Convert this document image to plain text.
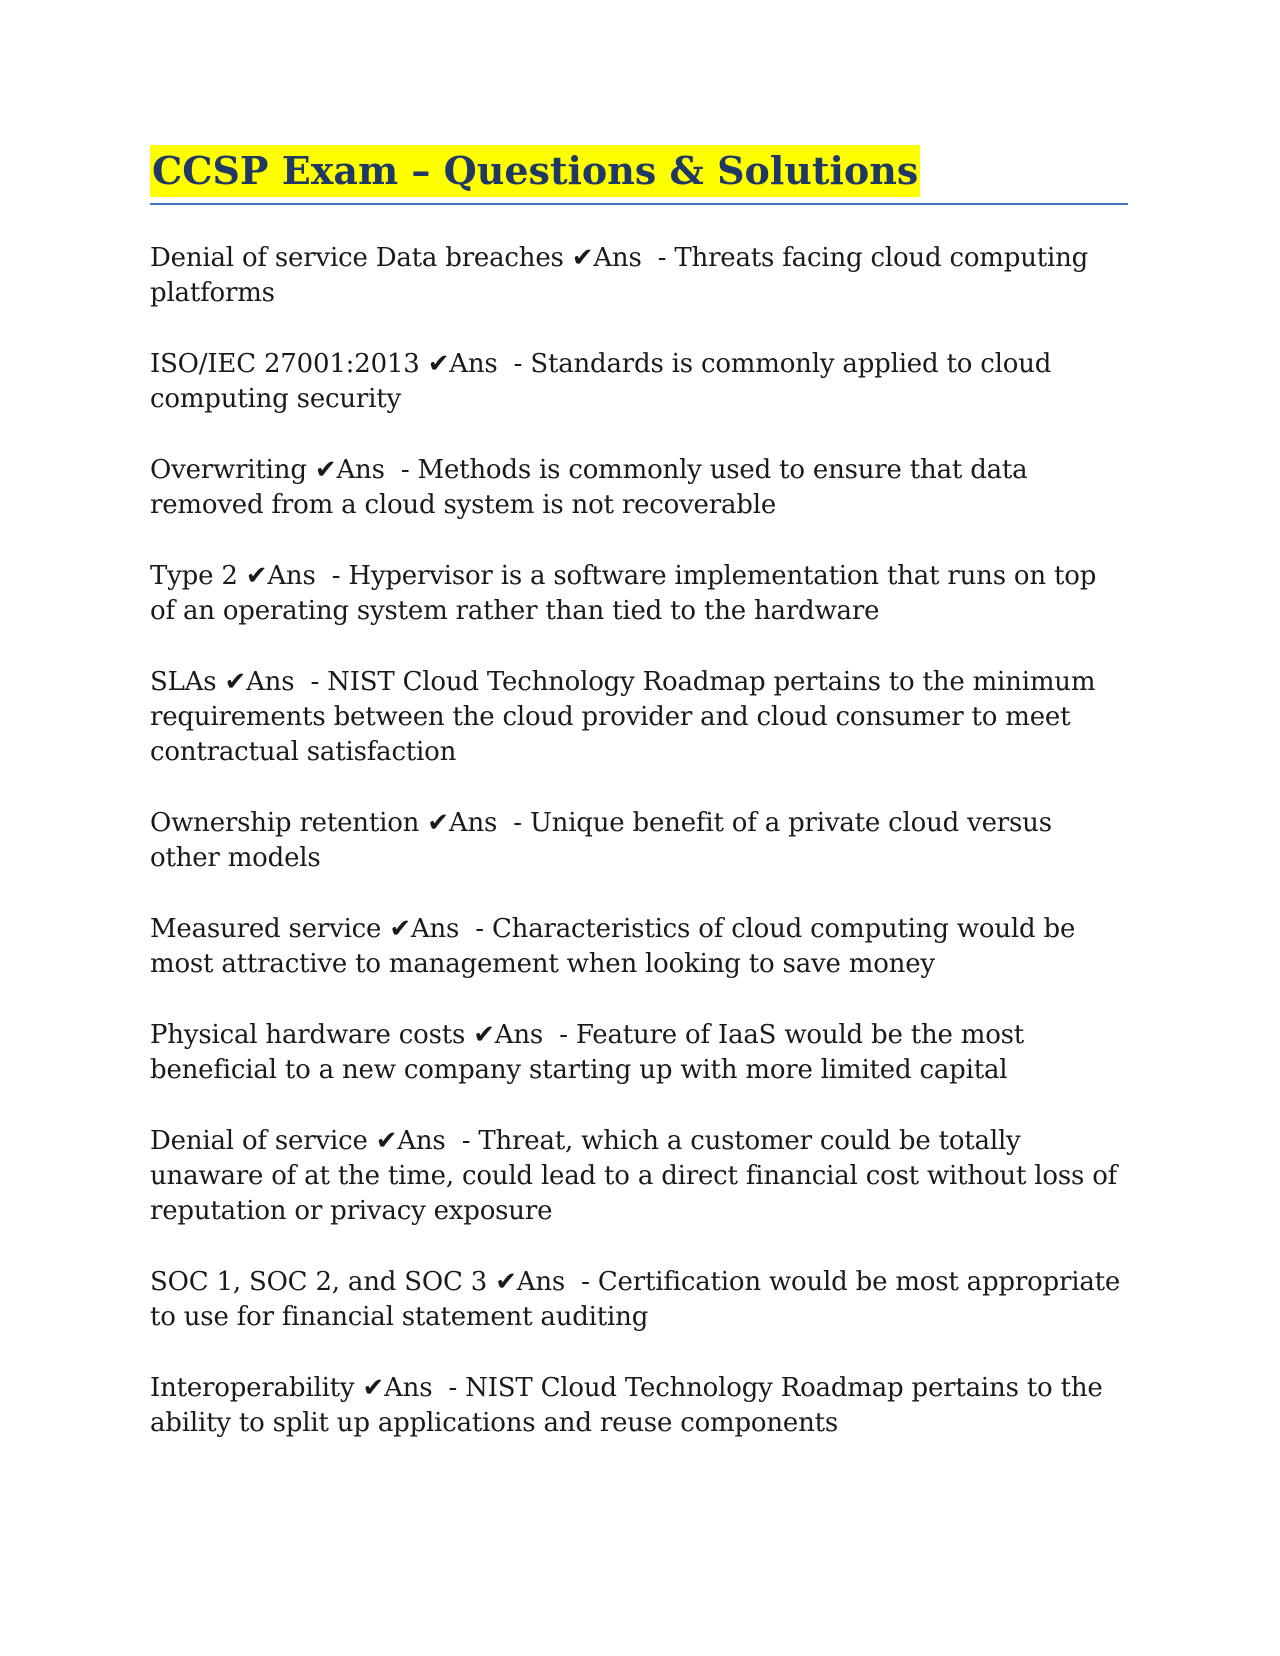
CCSP Exam – Questions & Solutions

Denial of service Data breaches ✔Ans  - Threats facing cloud computing platforms

ISO/IEC 27001:2013 ✔Ans  - Standards is commonly applied to cloud computing security

Overwriting ✔Ans  - Methods is commonly used to ensure that data removed from a cloud system is not recoverable

Type 2 ✔Ans  - Hypervisor is a software implementation that runs on top of an operating system rather than tied to the hardware

SLAs ✔Ans  - NIST Cloud Technology Roadmap pertains to the minimum requirements between the cloud provider and cloud consumer to meet contractual satisfaction

Ownership retention ✔Ans  - Unique benefit of a private cloud versus other models

Measured service ✔Ans  - Characteristics of cloud computing would be most attractive to management when looking to save money

Physical hardware costs ✔Ans  - Feature of IaaS would be the most beneficial to a new company starting up with more limited capital

Denial of service ✔Ans  - Threat, which a customer could be totally unaware of at the time, could lead to a direct financial cost without loss of reputation or privacy exposure

SOC 1, SOC 2, and SOC 3 ✔Ans  - Certification would be most appropriate to use for financial statement auditing

Interoperability ✔Ans  - NIST Cloud Technology Roadmap pertains to the ability to split up applications and reuse components
